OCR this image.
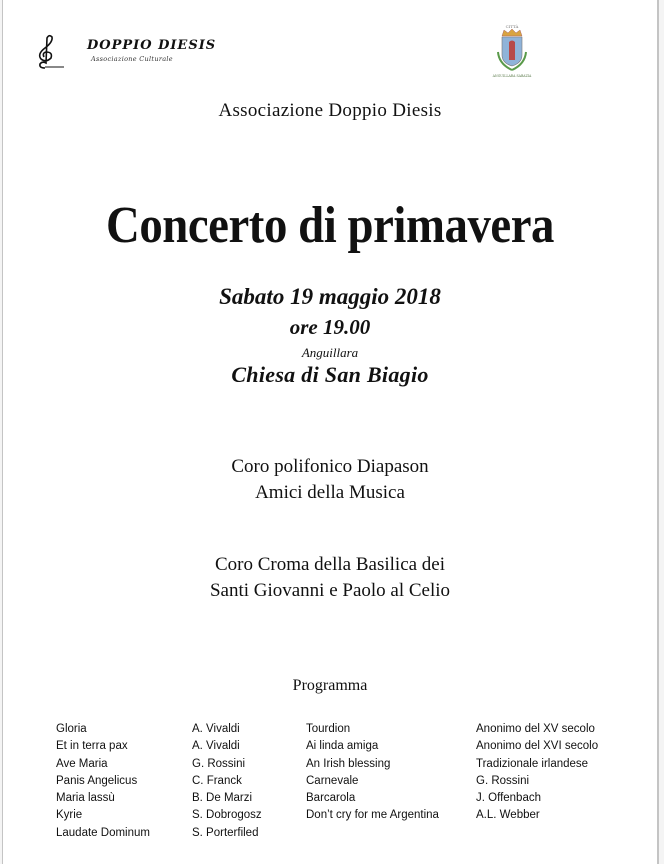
DOPPIO DIESIS
Associazione Culturale
CITTÀ
ANGUILLARA SABAZIA
Associazione Doppio Diesis
Concerto di primavera
Sabato 19 maggio 2018
ore 19.00
Anguillara
Chiesa di San Biagio
Coro polifonico Diapason
Amici della Musica
Coro Croma della Basilica dei
Santi Giovanni e Paolo al Celio
Programma
Gloria
Et in terra pax
Ave Maria
Panis Angelicus
Maria lassù
Kyrie
Laudate Dominum
A. Vivaldi
A. Vivaldi
G. Rossini
C. Franck
B. De Marzi
S. Dobrogosz
S. Porterfiled
Tourdion
Ai linda amiga
An Irish blessing
Carnevale
Barcarola
Don’t cry for me Argentina
Anonimo del XV secolo
Anonimo del XVI secolo
Tradizionale irlandese
G. Rossini
J. Offenbach
A.L. Webber
